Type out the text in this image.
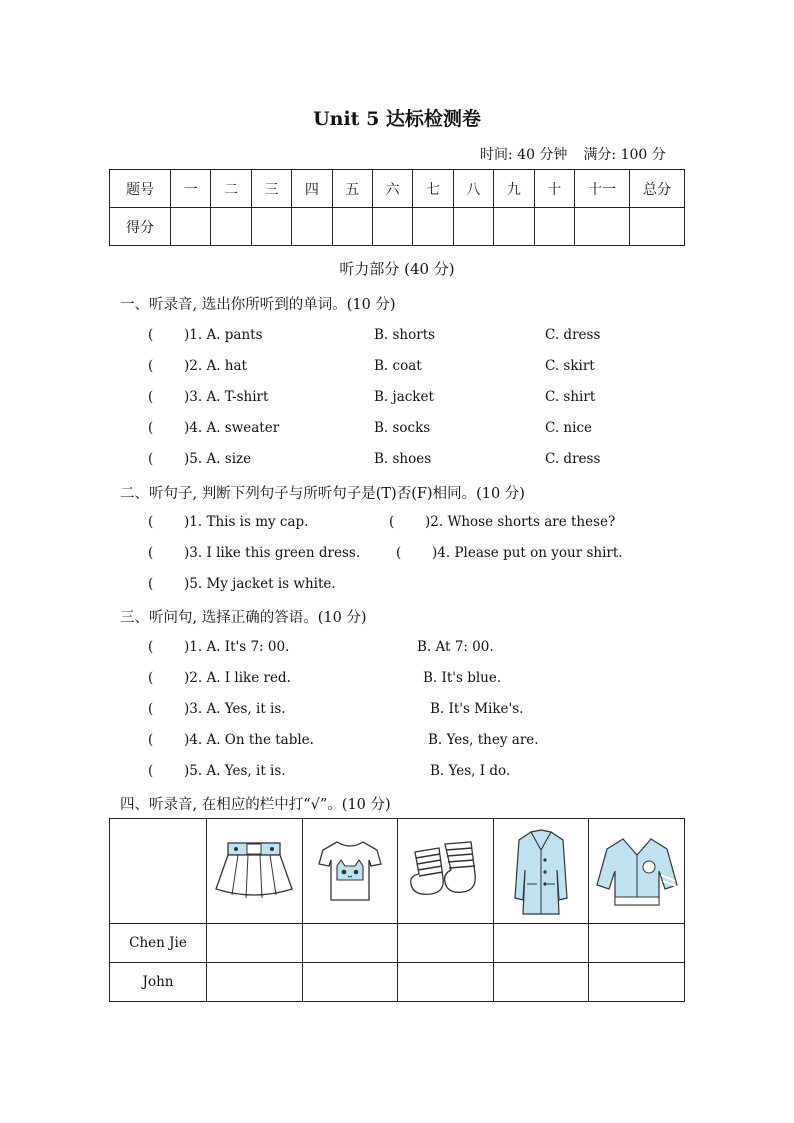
Unit 5 达标检测卷
时间: 40 分钟 满分: 100 分
题号	一	二	三	四	五	六	七	八	九	十	十一	总分
得分												
听力部分 (40 分)
一、听录音, 选出你所听到的单词。(10 分)
( )1. A. pants	B. shorts	C. dress
( )2. A. hat	B. coat	C. skirt
( )3. A. T-shirt	B. jacket	C. shirt
( )4. A. sweater	B. socks	C. nice
( )5. A. size	B. shoes	C. dress
二、听句子, 判断下列句子与所听句子是(T)否(F)相同。(10 分)
( )1. This is my cap.	( )2. Whose shorts are these?
( )3. I like this green dress.	( )4. Please put on your shirt.
( )5. My jacket is white.
三、听问句, 选择正确的答语。(10 分)
( )1. A. It's 7: 00.	B. At 7: 00.
( )2. A. I like red.	B. It's blue.
( )3. A. Yes, it is.	B. It's Mike's.
( )4. A. On the table.	B. Yes, they are.
( )5. A. Yes, it is.	B. Yes, I do.
四、听录音, 在相应的栏中打“√”。(10 分)

Chen Jie					
John					
